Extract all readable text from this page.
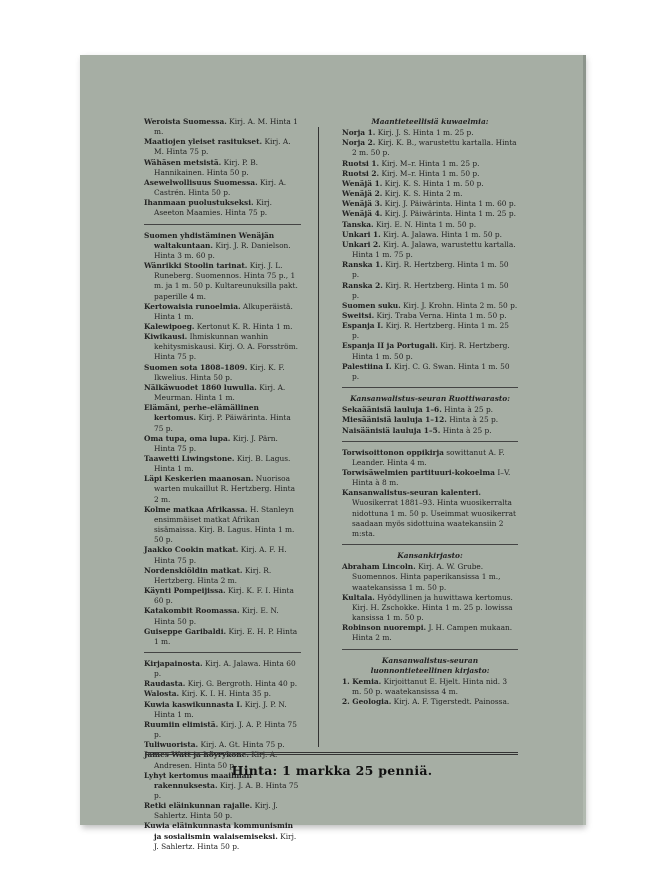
Weroista Suomessa. Kirj. A. M. Hinta 1 m.

Maatiojen yleiset rasitukset. Kirj. A. M. Hinta 75 p.

Wähäsen metsistä. Kirj. P. B. Hannikainen. Hinta 50 p.

Asewelwollisuus Suomessa. Kirj. A. Castrén. Hinta 50 p.

Ihanmaan puolustukseksi. Kirj. Aseeton Maamies. Hinta 75 p.

Suomen yhdistäminen Wenäjän waltakuntaan. Kirj. J. R. Danielson. Hinta 3 m. 60 p.

Wänrikki Stoolin tarinat. Kirj. J. L. Runeberg. Suomennos. Hinta 75 p., 1 m. ja 1 m. 50 p. Kultareunuksilla pakt. paperille 4 m.

Kertowaisia runoelmia. Alkuperäistä. Hinta 1 m.

Kalewipoeg. Kertonut K. R. Hinta 1 m.

Kiwikausi. Ihmiskunnan wanhin kehitysmiskausi. Kirj. O. A. Forsström. Hinta 75 p.

Suomen sota 1808–1809. Kirj. K. F. Ikwelius. Hinta 50 p.

Nälkäwuodet 1860 luwulla. Kirj. A. Meurman. Hinta 1 m.

Elämäni, perhe-elämällinen kertomus. Kirj. P. Päiwärinta. Hinta 75 p.

Oma tupa, oma lupa. Kirj. J. Pärn. Hinta 75 p.

Taawetti Liwingstone. Kirj. B. Lagus. Hinta 1 m.

Läpi Keskerien maanosan. Nuorisoa warten mukaillut R. Hertzberg. Hinta 2 m.

Kolme matkaa Afrikassa. H. Stanleyn ensimmäiset matkat Afrikan sisämaissa. Kirj. B. Lagus. Hinta 1 m. 50 p.

Jaakko Cookin matkat. Kirj. A. F. H. Hinta 75 p.

Nordenskiöldin matkat. Kirj. R. Hertzberg. Hinta 2 m.

Käynti Pompeijissa. Kirj. K. F. I. Hinta 60 p.

Katakombit Roomassa. Kirj. E. N. Hinta 50 p.

Guiseppe Garibaldi. Kirj. E. H. P. Hinta 1 m.

Kirjapainosta. Kirj. A. Jalawa. Hinta 60 p.

Raudasta. Kirj. G. Bergroth. Hinta 40 p.

Walosta. Kirj. K. I. H. Hinta 35 p.

Kuwia kaswikunnasta I. Kirj. J. P. N. Hinta 1 m.

Ruumiin elimistä. Kirj. J. A. P. Hinta 75 p.

Tuliwuorista. Kirj. A. Gt. Hinta 75 p.

James Watt ja höyrykone. Kirj. A. Andresen. Hinta 50 p.

Lyhyt kertomus maailman rakennuksesta. Kirj. J. A. B. Hinta 75 p.

Retki eläinkunnan rajalle. Kirj. J. Sahlertz. Hinta 50 p.

Kuwia eläinkunnasta kommunismin ja sosialismin walaisemiseksi. Kirj. J. Sahlertz. Hinta 50 p.

Maantieteellisiä kuwaelmia:

Norja 1. Kirj. J. S. Hinta 1 m. 25 p.

Norja 2. Kirj. K. B., warustettu kartalla. Hinta 2 m. 50 p.

Ruotsi 1. Kirj. M–r. Hinta 1 m. 25 p.

Ruotsi 2. Kirj. M–r. Hinta 1 m. 50 p.

Wenäjä 1. Kirj. K. S. Hinta 1 m. 50 p.

Wenäjä 2. Kirj. K. S. Hinta 2 m.

Wenäjä 3. Kirj. J. Päiwärinta. Hinta 1 m. 60 p.

Wenäjä 4. Kirj. J. Päiwärinta. Hinta 1 m. 25 p.

Tanska. Kirj. E. N. Hinta 1 m. 50 p.

Unkari 1. Kirj. A. Jalawa. Hinta 1 m. 50 p.

Unkari 2. Kirj. A. Jalawa, warustettu kartalla. Hinta 1 m. 75 p.

Ranska 1. Kirj. R. Hertzberg. Hinta 1 m. 50 p.

Ranska 2. Kirj. R. Hertzberg. Hinta 1 m. 50 p.

Suomen suku. Kirj. J. Krohn. Hinta 2 m. 50 p.

Sweitsi. Kirj. Traba Verna. Hinta 1 m. 50 p.

Espanja I. Kirj. R. Hertzberg. Hinta 1 m. 25 p.

Espanja II ja Portugali. Kirj. R. Hertzberg. Hinta 1 m. 50 p.

Palestiina I. Kirj. C. G. Swan. Hinta 1 m. 50 p.

Kansanwalistus-seuran Ruottiwarasto:

Sekaäänisiä lauluja 1–6. Hinta à 25 p.

Miesäänisiä lauluja 1–12. Hinta à 25 p.

Naisäänisiä lauluja 1–5. Hinta à 25 p.

Torwisoittonon oppikirja sowittanut A. F. Leander. Hinta 4 m.

Torwisäwelmien partituuri-kokoelma I–V. Hinta à 8 m.

Kansanwalistus-seuran kalenteri. Wuosikerrat 1881–93. Hinta wuosikerralta nidottuna 1 m. 50 p. Useimmat wuosikerrat saadaan myös sidottuina waatekansiin 2 m:sta.

Kansankirjasto:

Abraham Lincoln. Kirj. A. W. Grube. Suomennos. Hinta paperikansissa 1 m., waatekansissa 1 m. 50 p.

Kultala. Hyödyllinen ja huwittawa kertomus. Kirj. H. Zschokke. Hinta 1 m. 25 p. lowissa kansissa 1 m. 50 p.

Robinson nuorempi. J. H. Campen mukaan. Hinta 2 m.

Kansanwalistus-seuran luonnontieteellinen kirjasto:

1. Kemia. Kirjoittanut E. Hjelt. Hinta nid. 3 m. 50 p. waatekansissa 4 m.

2. Geologia. Kirj. A. F. Tigerstedt. Painossa.

Hinta: 1 markka 25 penniä.
